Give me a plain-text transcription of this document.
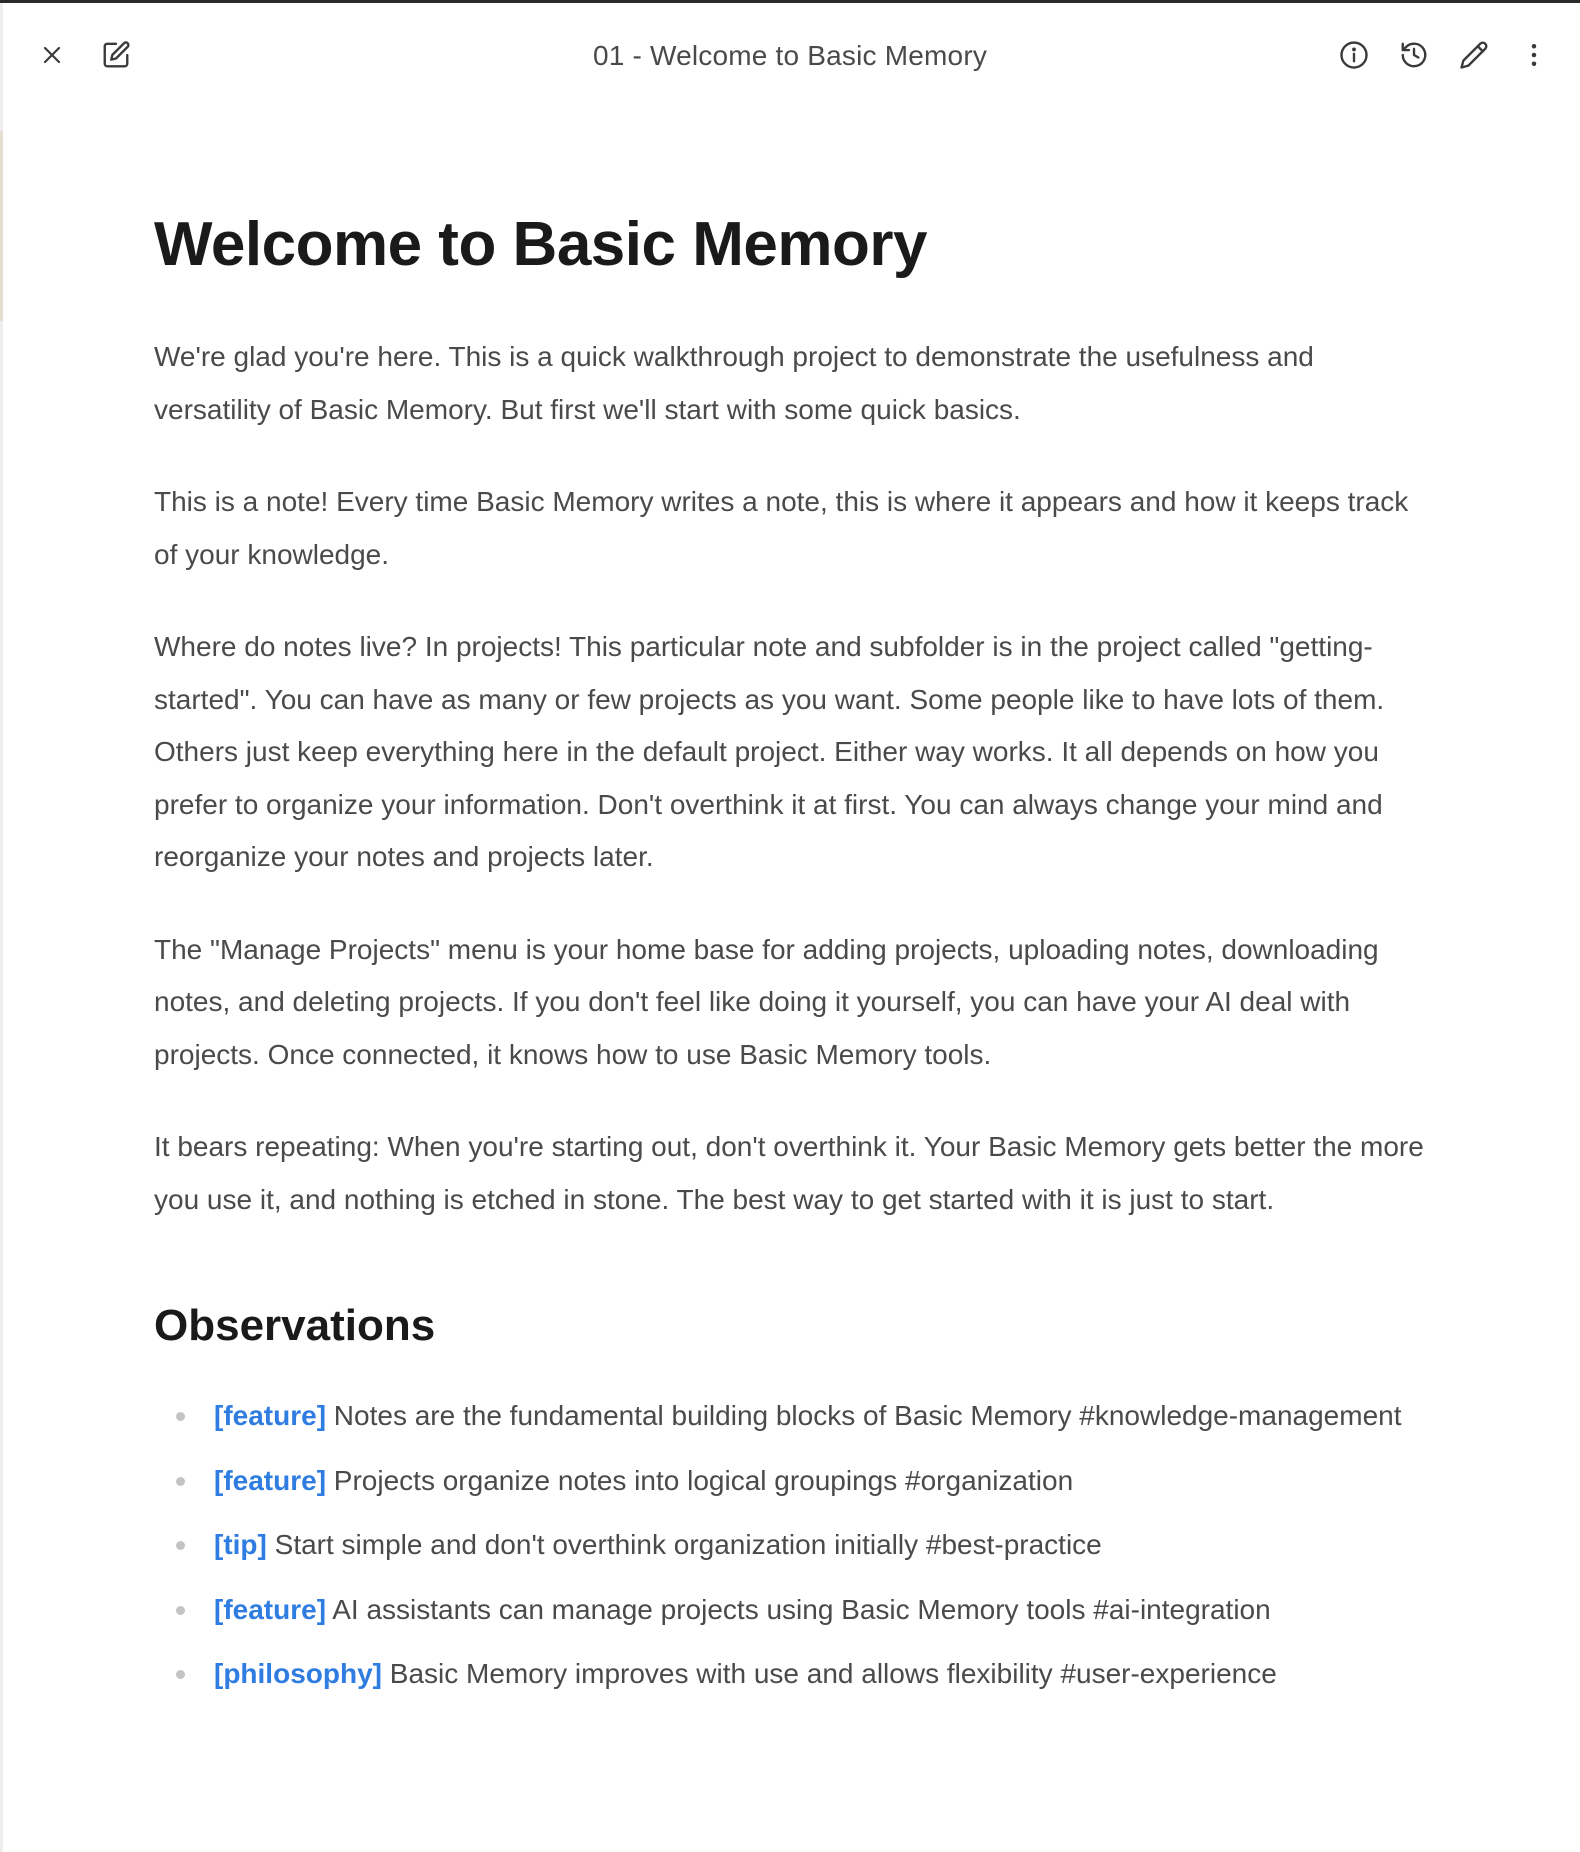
01 - Welcome to Basic Memory
Welcome to Basic Memory

We're glad you're here. This is a quick walkthrough project to demonstrate the usefulness and versatility of Basic Memory. But first we'll start with some quick basics.

This is a note! Every time Basic Memory writes a note, this is where it appears and how it keeps track of your knowledge.

Where do notes live? In projects! This particular note and subfolder is in the project called "getting-started". You can have as many or few projects as you want. Some people like to have lots of them. Others just keep everything here in the default project. Either way works. It all depends on how you prefer to organize your information. Don't overthink it at first. You can always change your mind and reorganize your notes and projects later.

The "Manage Projects" menu is your home base for adding projects, uploading notes, downloading notes, and deleting projects. If you don't feel like doing it yourself, you can have your AI deal with projects. Once connected, it knows how to use Basic Memory tools.

It bears repeating: When you're starting out, don't overthink it. Your Basic Memory gets better the more you use it, and nothing is etched in stone. The best way to get started with it is just to start.

Observations
[feature] Notes are the fundamental building blocks of Basic Memory #knowledge-management
[feature] Projects organize notes into logical groupings #organization
[tip] Start simple and don't overthink organization initially #best-practice
[feature] AI assistants can manage projects using Basic Memory tools #ai-integration
[philosophy] Basic Memory improves with use and allows flexibility #user-experience
